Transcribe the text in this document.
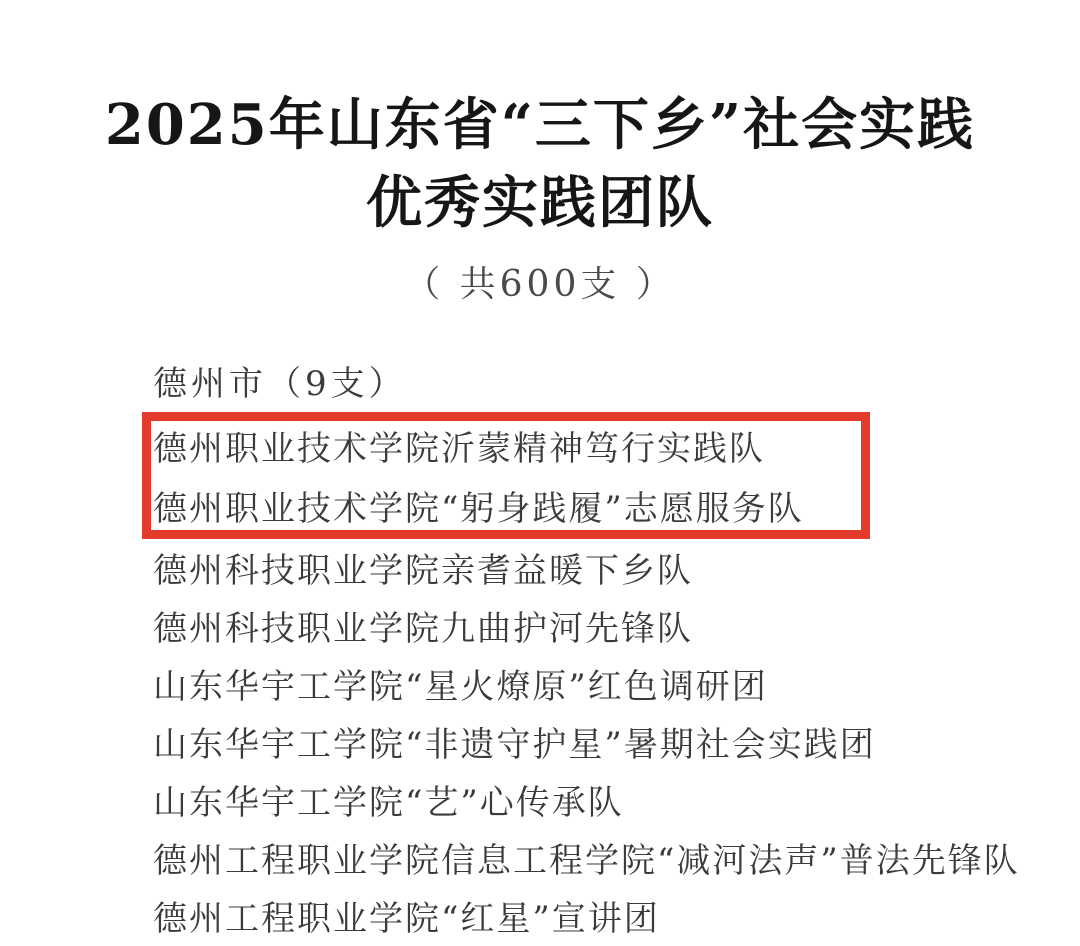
2025年山东省“三下乡”社会实践
优秀实践团队
（ 共600支 ）
德州市（9支）
德州职业技术学院沂蒙精神笃行实践队
德州职业技术学院“躬身践履”志愿服务队
德州科技职业学院亲耆益暖下乡队
德州科技职业学院九曲护河先锋队
山东华宇工学院“星火燎原”红色调研团
山东华宇工学院“非遗守护星”暑期社会实践团
山东华宇工学院“艺”心传承队
德州工程职业学院信息工程学院“减河法声”普法先锋队
德州工程职业学院“红星”宣讲团
